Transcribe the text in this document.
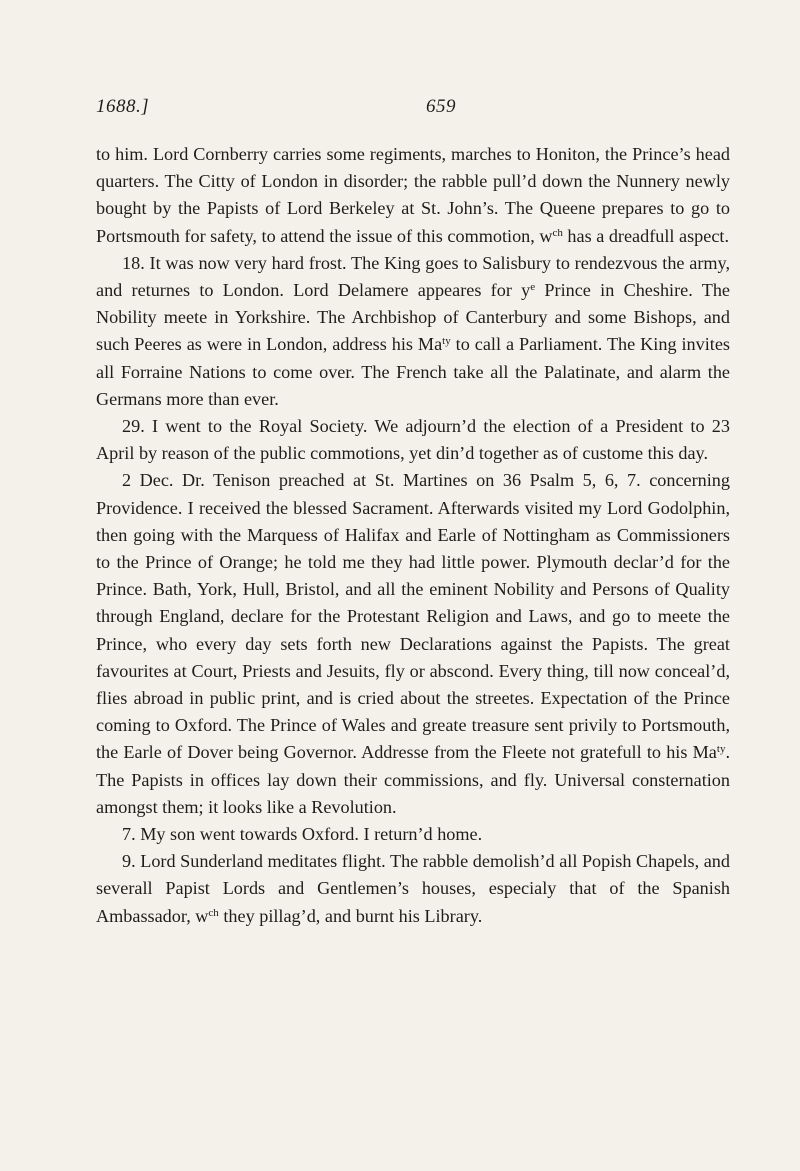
1688.]	659

to him. Lord Cornberry carries some regiments, marches to Honiton, the Prince’s head quarters. The Citty of London in disorder; the rabble pull’d down the Nunnery newly bought by the Papists of Lord Berkeley at St. John’s. The Queene prepares to go to Portsmouth for safety, to attend the issue of this commotion, $w^{ch}$ has a dreadfull aspect.

18. It was now very hard frost. The King goes to Salisbury to rendezvous the army, and returnes to London. Lord Delamere appeares for $y^e$ Prince in Cheshire. The Nobility meete in Yorkshire. The Archbishop of Canterbury and some Bishops, and such Peeres as were in London, address his $Ma^{ty}$ to call a Parliament. The King invites all Forraine Nations to come over. The French take all the Palatinate, and alarm the Germans more than ever.

29. I went to the Royal Society. We adjourn’d the election of a President to 23 April by reason of the public commotions, yet din’d together as of custome this day.

2 Dec. Dr. Tenison preached at St. Martines on 36 Psalm 5, 6, 7. concerning Providence. I received the blessed Sacrament. Afterwards visited my Lord Godolphin, then going with the Marquess of Halifax and Earle of Nottingham as Commissioners to the Prince of Orange; he told me they had little power. Plymouth declar’d for the Prince. Bath, York, Hull, Bristol, and all the eminent Nobility and Persons of Quality through England, declare for the Protestant Religion and Laws, and go to meete the Prince, who every day sets forth new Declarations against the Papists. The great favourites at Court, Priests and Jesuits, fly or abscond. Every thing, till now conceal’d, flies abroad in public print, and is cried about the streetes. Expectation of the Prince coming to Oxford. The Prince of Wales and greate treasure sent privily to Portsmouth, the Earle of Dover being Governor. Addresse from the Fleete not gratefull to his $Ma^{ty}$. The Papists in offices lay down their commissions, and fly. Universal consternation amongst them; it looks like a Revolution.

7. My son went towards Oxford. I return’d home.

9. Lord Sunderland meditates flight. The rabble demolish’d all Popish Chapels, and severall Papist Lords and Gentlemen’s houses, especialy that of the Spanish Ambassador, $w^{ch}$ they pillag’d, and burnt his Library.
